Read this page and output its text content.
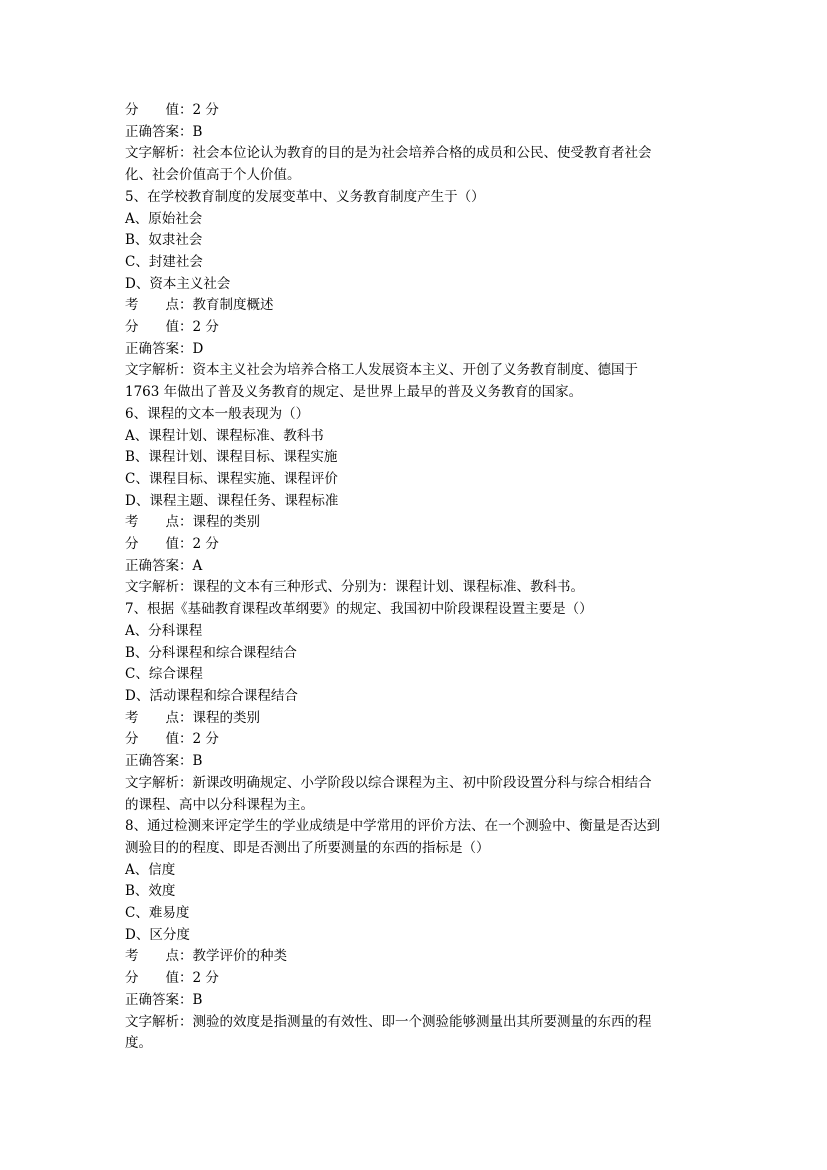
分　　值：2 分
正确答案：B
文字解析：社会本位论认为教育的目的是为社会培养合格的成员和公民、使受教育者社会
化、社会价值高于个人价值。
5、在学校教育制度的发展变革中、义务教育制度产生于（）
A、原始社会
B、奴隶社会
C、封建社会
D、资本主义社会
考　　点：教育制度概述
分　　值：2 分
正确答案：D
文字解析：资本主义社会为培养合格工人发展资本主义、开创了义务教育制度、德国于
1763 年做出了普及义务教育的规定、是世界上最早的普及义务教育的国家。
6、课程的文本一般表现为（）
A、课程计划、课程标准、教科书
B、课程计划、课程目标、课程实施
C、课程目标、课程实施、课程评价
D、课程主题、课程任务、课程标准
考　　点：课程的类别
分　　值：2 分
正确答案：A
文字解析：课程的文本有三种形式、分别为：课程计划、课程标准、教科书。
7、根据《基础教育课程改革纲要》的规定、我国初中阶段课程设置主要是（）
A、分科课程
B、分科课程和综合课程结合
C、综合课程
D、活动课程和综合课程结合
考　　点：课程的类别
分　　值：2 分
正确答案：B
文字解析：新课改明确规定、小学阶段以综合课程为主、初中阶段设置分科与综合相结合
的课程、高中以分科课程为主。
8、通过检测来评定学生的学业成绩是中学常用的评价方法、在一个测验中、衡量是否达到
测验目的的程度、即是否测出了所要测量的东西的指标是（）
A、信度
B、效度
C、难易度
D、区分度
考　　点：教学评价的种类
分　　值：2 分
正确答案：B
文字解析：测验的效度是指测量的有效性、即一个测验能够测量出其所要测量的东西的程
度。
